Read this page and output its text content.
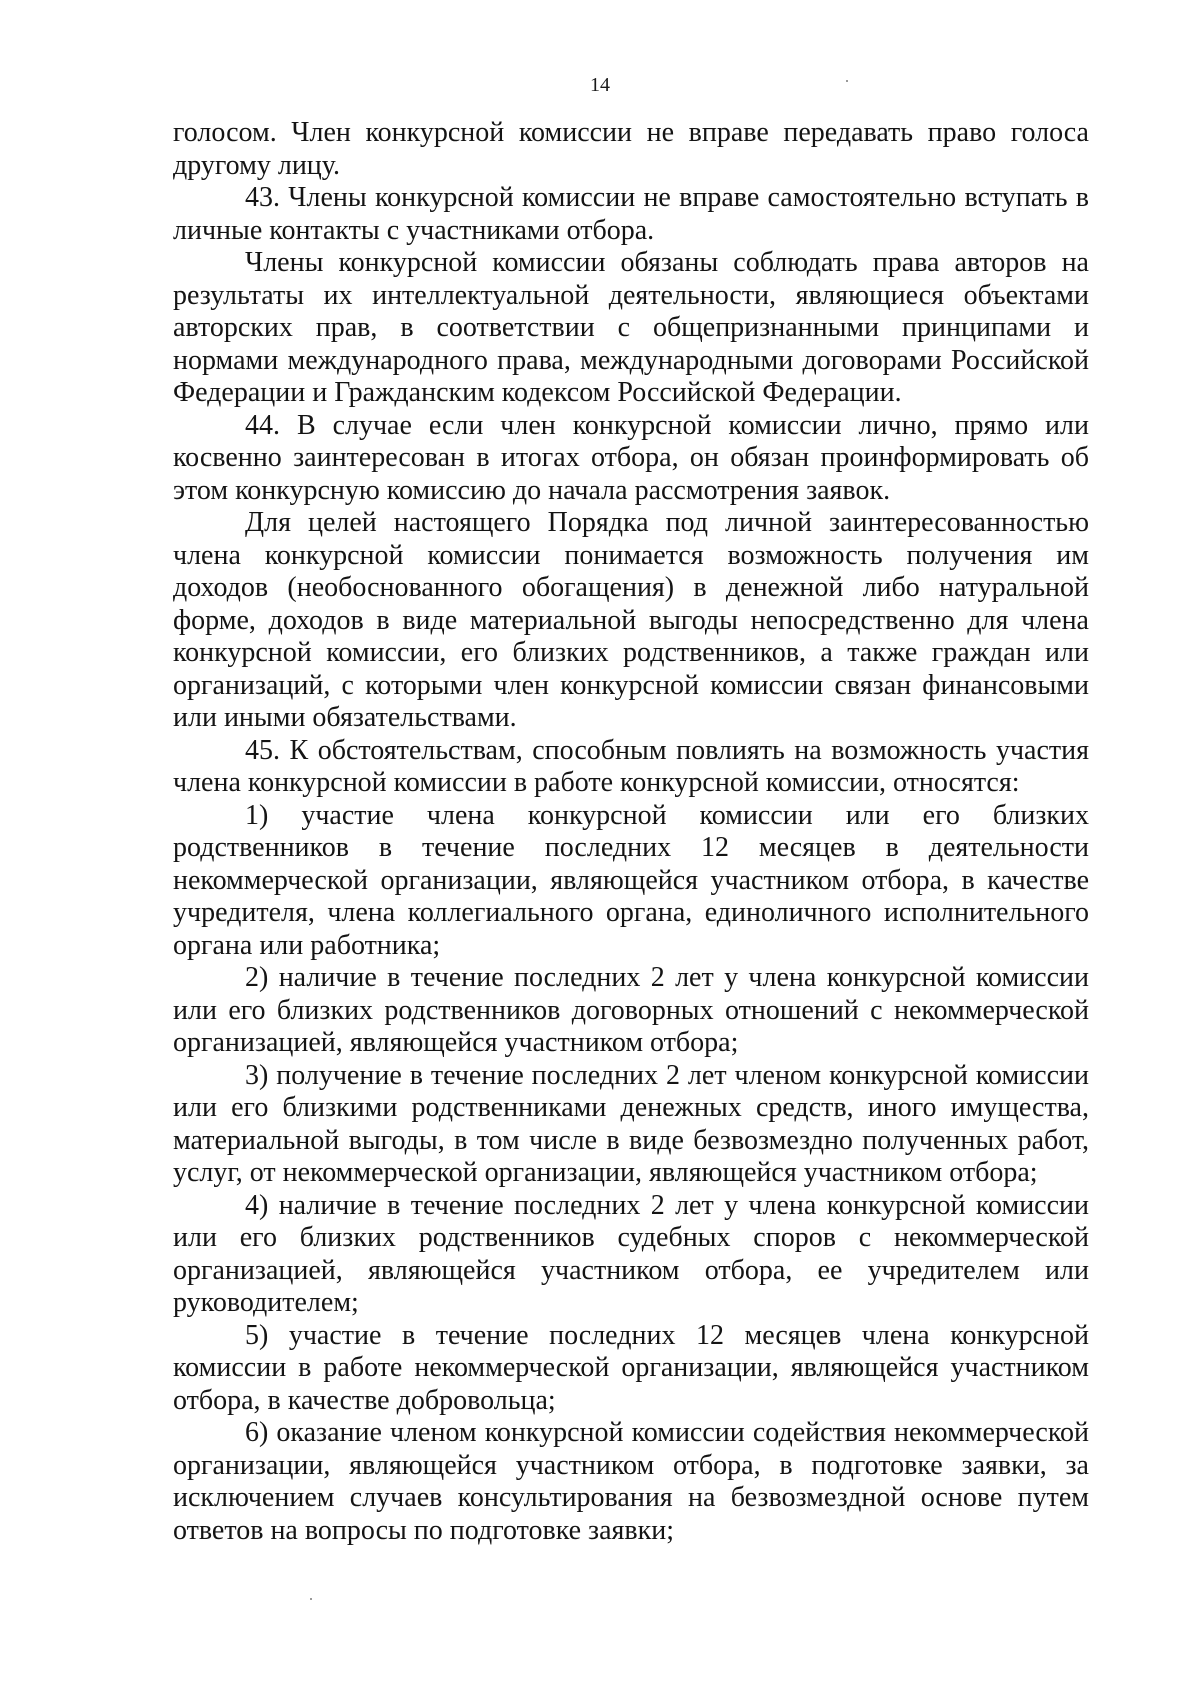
14

голосом. Член конкурсной комиссии не вправе передавать право голоса другому лицу.

43. Члены конкурсной комиссии не вправе самостоятельно вступать в личные контакты с участниками отбора.

Члены конкурсной комиссии обязаны соблюдать права авторов на результаты их интеллектуальной деятельности, являющиеся объектами авторских прав, в соответствии с общепризнанными принципами и нормами международного права, международными договорами Российской Федерации и Гражданским кодексом Российской Федерации.

44. В случае если член конкурсной комиссии лично, прямо или косвенно заинтересован в итогах отбора, он обязан проинформировать об этом конкурсную комиссию до начала рассмотрения заявок.

Для целей настоящего Порядка под личной заинтересованностью члена конкурсной комиссии понимается возможность получения им доходов (необоснованного обогащения) в денежной либо натуральной форме, доходов в виде материальной выгоды непосредственно для члена конкурсной комиссии, его близких родственников, а также граждан или организаций, с которыми член конкурсной комиссии связан финансовыми или иными обязательствами.

45. К обстоятельствам, способным повлиять на возможность участия члена конкурсной комиссии в работе конкурсной комиссии, относятся:

1) участие члена конкурсной комиссии или его близких родственников в течение последних 12 месяцев в деятельности некоммерческой организации, являющейся участником отбора, в качестве учредителя, члена коллегиального органа, единоличного исполнительного органа или работника;

2) наличие в течение последних 2 лет у члена конкурсной комиссии или его близких родственников договорных отношений с некоммерческой организацией, являющейся участником отбора;

3) получение в течение последних 2 лет членом конкурсной комиссии или его близкими родственниками денежных средств, иного имущества, материальной выгоды, в том числе в виде безвозмездно полученных работ, услуг, от некоммерческой организации, являющейся участником отбора;

4) наличие в течение последних 2 лет у члена конкурсной комиссии или его близких родственников судебных споров с некоммерческой организацией, являющейся участником отбора, ее учредителем или руководителем;

5) участие в течение последних 12 месяцев члена конкурсной комиссии в работе некоммерческой организации, являющейся участником отбора, в качестве добровольца;

6) оказание членом конкурсной комиссии содействия некоммерческой организации, являющейся участником отбора, в подготовке заявки, за исключением случаев консультирования на безвозмездной основе путем ответов на вопросы по подготовке заявки;
